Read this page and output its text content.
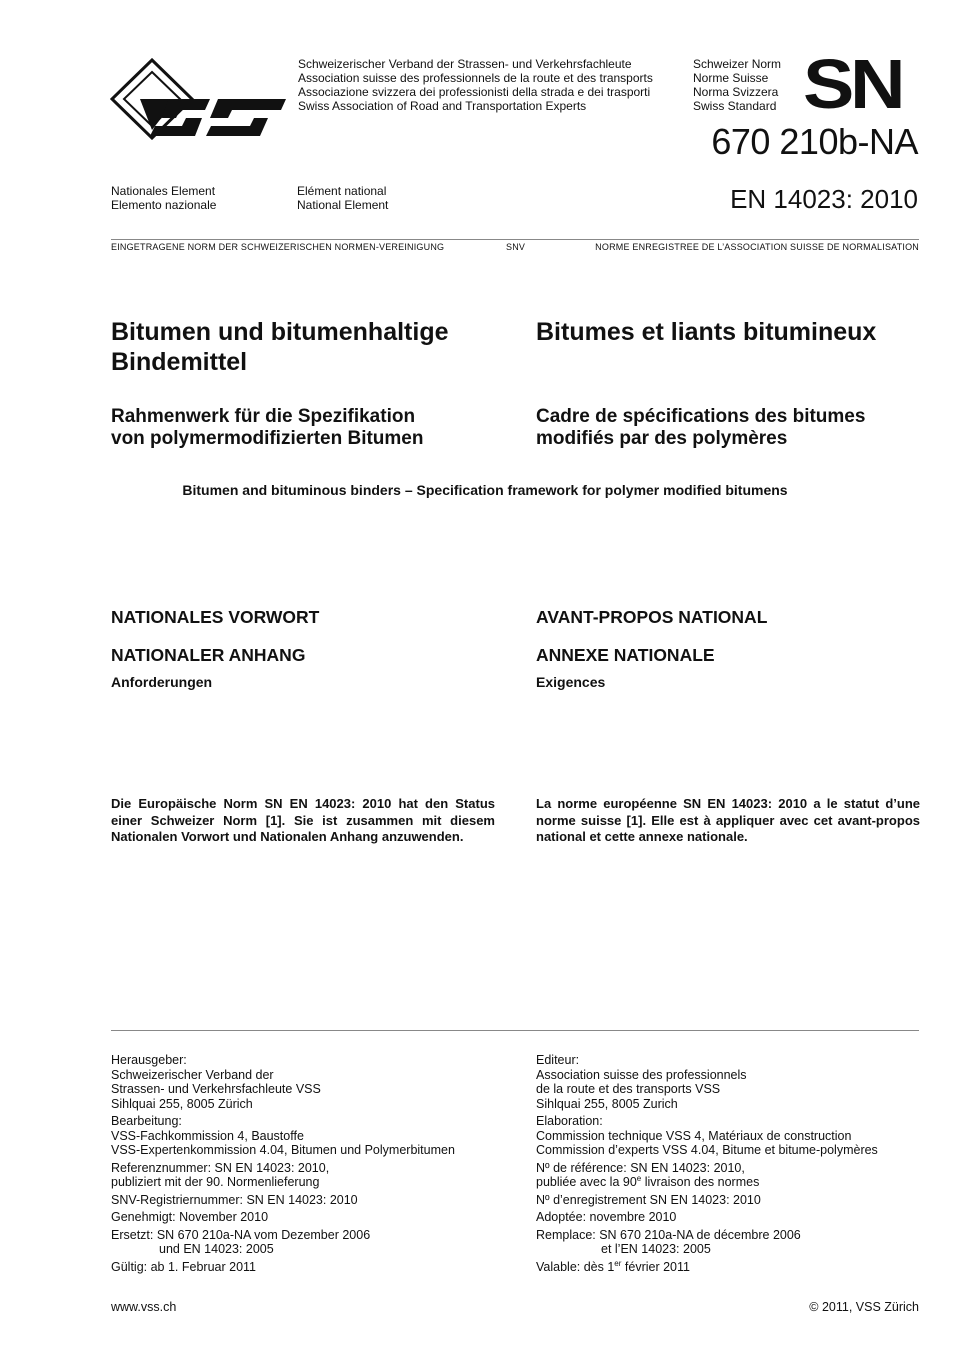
Schweizerischer Verband der Strassen- und Verkehrsfachleute
Association suisse des professionnels de la route et des transports
Associazione svizzera dei professionisti della strada e dei trasporti
Swiss Association of Road and Transportation Experts
Schweizer Norm
Norme Suisse
Norma Svizzera
Swiss Standard SN
670 210b-NA
EN 14023: 2010
Nationales Element
Elemento nazionale
Elément national
National Element
EINGETRAGENE NORM DER SCHWEIZERISCHEN NORMEN-VEREINIGUNG	SNV	NORME ENREGISTREE DE L’ASSOCIATION SUISSE DE NORMALISATION
Bitumen und bitumenhaltige
Bindemittel
Bitumes et liants bitumineux
Rahmenwerk für die Spezifikation
von polymermodifizierten Bitumen
Cadre de spécifications des bitumes
modifiés par des polymères
Bitumen and bituminous binders – Specification framework for polymer modified bitumens
NATIONALES VORWORT	AVANT-PROPOS NATIONAL
NATIONALER ANHANG	ANNEXE NATIONALE
Anforderungen	Exigences
Die Europäische Norm SN EN 14023: 2010 hat den Status einer Schweizer Norm [1]. Sie ist zusammen mit diesem Nationalen Vorwort und Nationalen Anhang anzuwenden.
La norme européenne SN EN 14023: 2010 a le statut d’une norme suisse [1]. Elle est à appliquer avec cet avant-propos national et cette annexe nationale.
Herausgeber:
Schweizerischer Verband der
Strassen- und Verkehrsfachleute VSS
Sihlquai 255, 8005 Zürich
Bearbeitung:
VSS-Fachkommission 4, Baustoffe
VSS-Expertenkommission 4.04, Bitumen und Polymerbitumen
Referenznummer: SN EN 14023: 2010,
publiziert mit der 90. Normenlieferung
SNV-Registriernummer: SN EN 14023: 2010
Genehmigt: November 2010
Ersetzt: SN 670 210a-NA vom Dezember 2006
und EN 14023: 2005
Gültig: ab 1. Februar 2011
Editeur:
Association suisse des professionnels
de la route et des transports VSS
Sihlquai 255, 8005 Zurich
Elaboration:
Commission technique VSS 4, Matériaux de construction
Commission d’experts VSS 4.04, Bitume et bitume-polymères
Nº de référence: SN EN 14023: 2010,
publiée avec la 90e livraison des normes
Nº d’enregistrement SN EN 14023: 2010
Adoptée: novembre 2010
Remplace: SN 670 210a-NA de décembre 2006
et l’EN 14023: 2005
Valable: dès 1er février 2011
www.vss.ch	© 2011, VSS Zürich
